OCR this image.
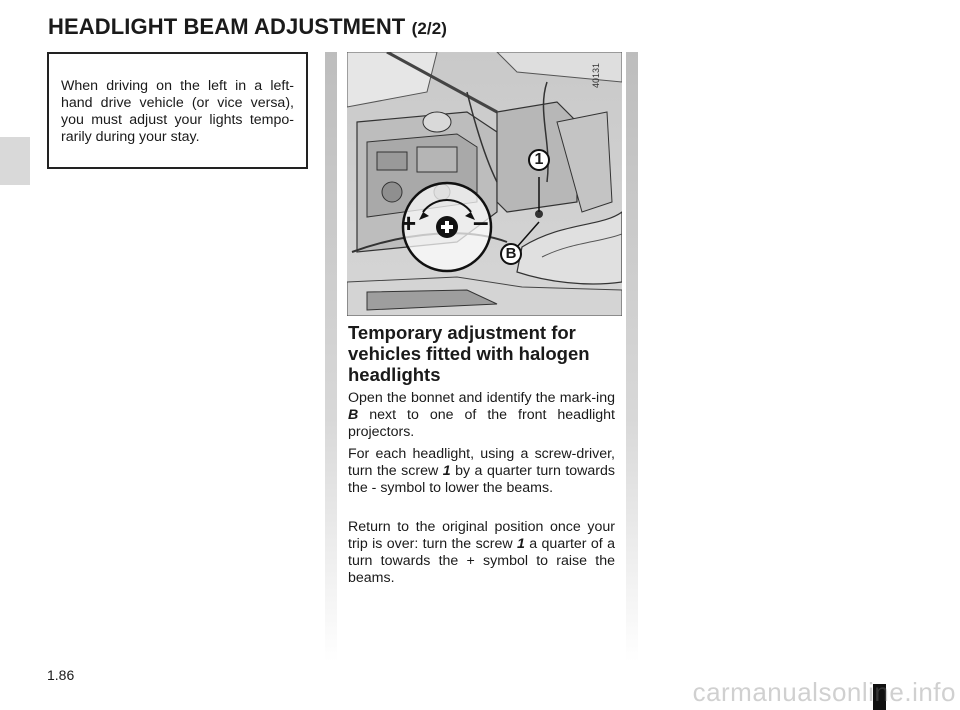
HEADLIGHT BEAM ADJUSTMENT (2/2)
When driving on the left in a left-hand drive vehicle (or vice versa), you must adjust your lights tempo-rarily during your stay.
+ –
1
B
40131
Temporary adjustment for vehicles fitted with halogen headlights

Open the bonnet and identify the mark-ing B next to one of the front headlight projectors.

For each headlight, using a screw-driver, turn the screw 1 by a quarter turn towards the - symbol to lower the beams.

Return to the original position once your trip is over: turn the screw 1 a quarter of a turn towards the + symbol to raise the beams.

1.86
carmanualsonline.info
